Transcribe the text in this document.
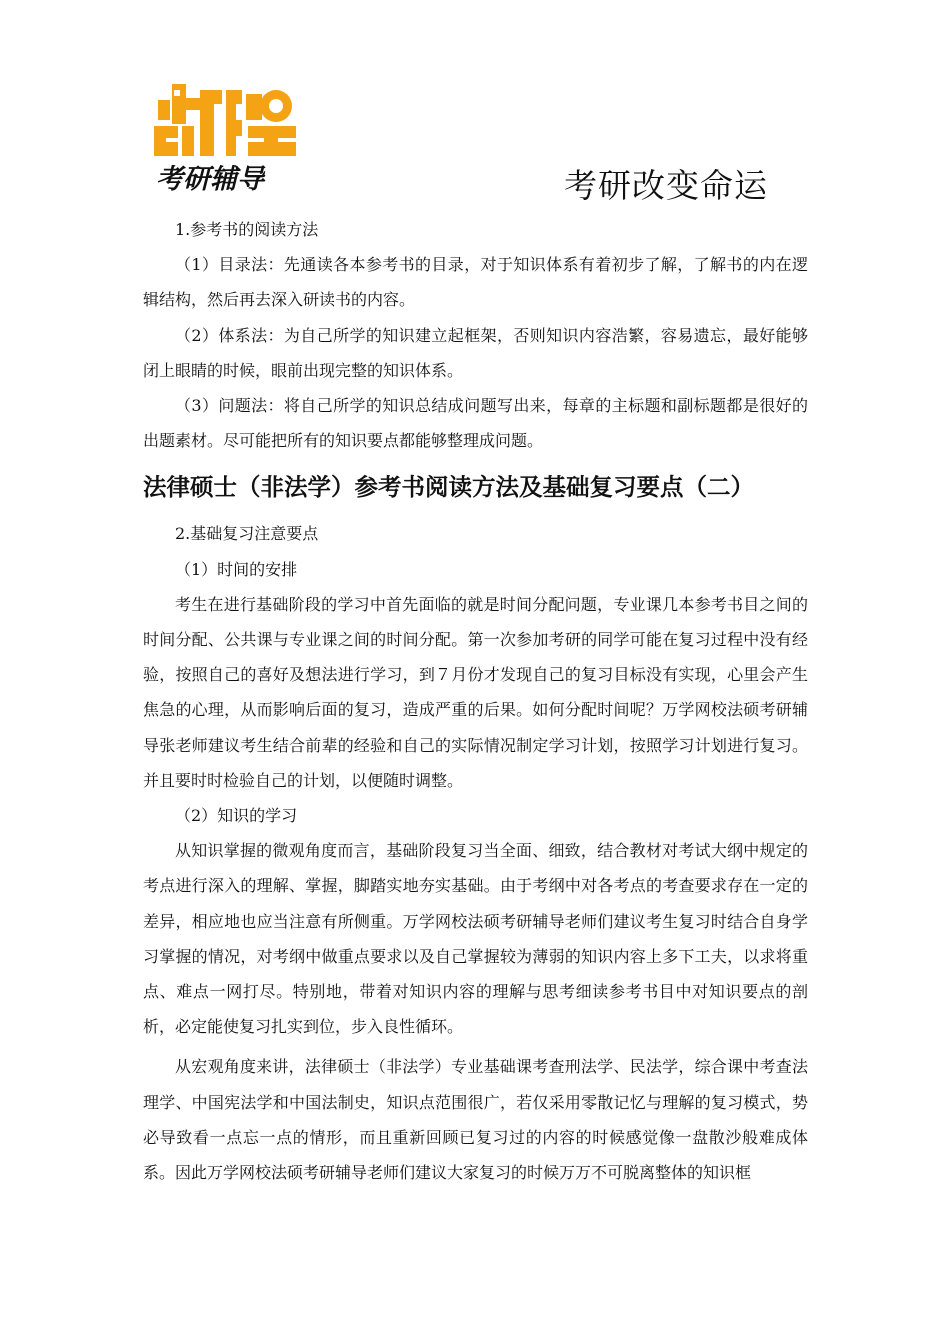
考研辅导	考研改变命运
1.参考书的阅读方法

（1）目录法：先通读各本参考书的目录，对于知识体系有着初步了解，了解书的内在逻辑结构，然后再去深入研读书的内容。

（2）体系法：为自己所学的知识建立起框架，否则知识内容浩繁，容易遗忘，最好能够闭上眼睛的时候，眼前出现完整的知识体系。

（3）问题法：将自己所学的知识总结成问题写出来，每章的主标题和副标题都是很好的出题素材。尽可能把所有的知识要点都能够整理成问题。

法律硕士（非法学）参考书阅读方法及基础复习要点（二）
2.基础复习注意要点
（1）时间的安排

考生在进行基础阶段的学习中首先面临的就是时间分配问题，专业课几本参考书目之间的时间分配、公共课与专业课之间的时间分配。第一次参加考研的同学可能在复习过程中没有经验，按照自己的喜好及想法进行学习，到７月份才发现自己的复习目标没有实现，心里会产生焦急的心理，从而影响后面的复习，造成严重的后果。如何分配时间呢？万学网校法硕考研辅导张老师建议考生结合前辈的经验和自己的实际情况制定学习计划，按照学习计划进行复习。并且要时时检验自己的计划，以便随时调整。

（2）知识的学习

从知识掌握的微观角度而言，基础阶段复习当全面、细致，结合教材对考试大纲中规定的考点进行深入的理解、掌握，脚踏实地夯实基础。由于考纲中对各考点的考查要求存在一定的差异，相应地也应当注意有所侧重。万学网校法硕考研辅导老师们建议考生复习时结合自身学习掌握的情况，对考纲中做重点要求以及自己掌握较为薄弱的知识内容上多下工夫，以求将重点、难点一网打尽。特别地，带着对知识内容的理解与思考细读参考书目中对知识要点的剖析，必定能使复习扎实到位，步入良性循环。

从宏观角度来讲，法律硕士（非法学）专业基础课考查刑法学、民法学，综合课中考查法理学、中国宪法学和中国法制史，知识点范围很广，若仅采用零散记忆与理解的复习模式，势必导致看一点忘一点的情形，而且重新回顾已复习过的内容的时候感觉像一盘散沙般难成体系。因此万学网校法硕考研辅导老师们建议大家复习的时候万万不可脱离整体的知识框
